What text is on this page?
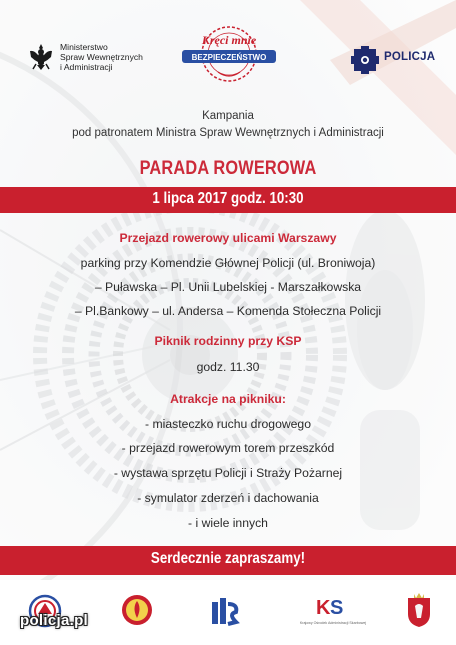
Ministerstwo
Spraw Wewnętrznych
i Administracji
Kręci mnie
BEZPIECZEŃSTWO	POLICJA
Kampania
pod patronatem Ministra Spraw Wewnętrznych i Administracji
PARADA ROWEROWA
1 lipca 2017 godz. 10:30
Przejazd rowerowy ulicami Warszawy
parking przy Komendzie Głównej Policji (ul. Broniwoja)
– Puławska – Pl. Unii Lubelskiej - Marszałkowska
– Pl.Bankowy – ul. Andersa – Komenda Stołeczna Policji
Piknik rodzinny przy KSP
godz. 11.30
Atrakcje na pikniku:
- miasteczko ruchu drogowego
- przejazd rowerowym torem przeszkód
- wystawa sprzętu Policji i Straży Pożarnej
- symulator zderzeń i dachowania
- i wiele innych
Serdecznie zapraszamy!
K S
Krajowy Ośrodek Administracji Skarbowej
policja.pl
